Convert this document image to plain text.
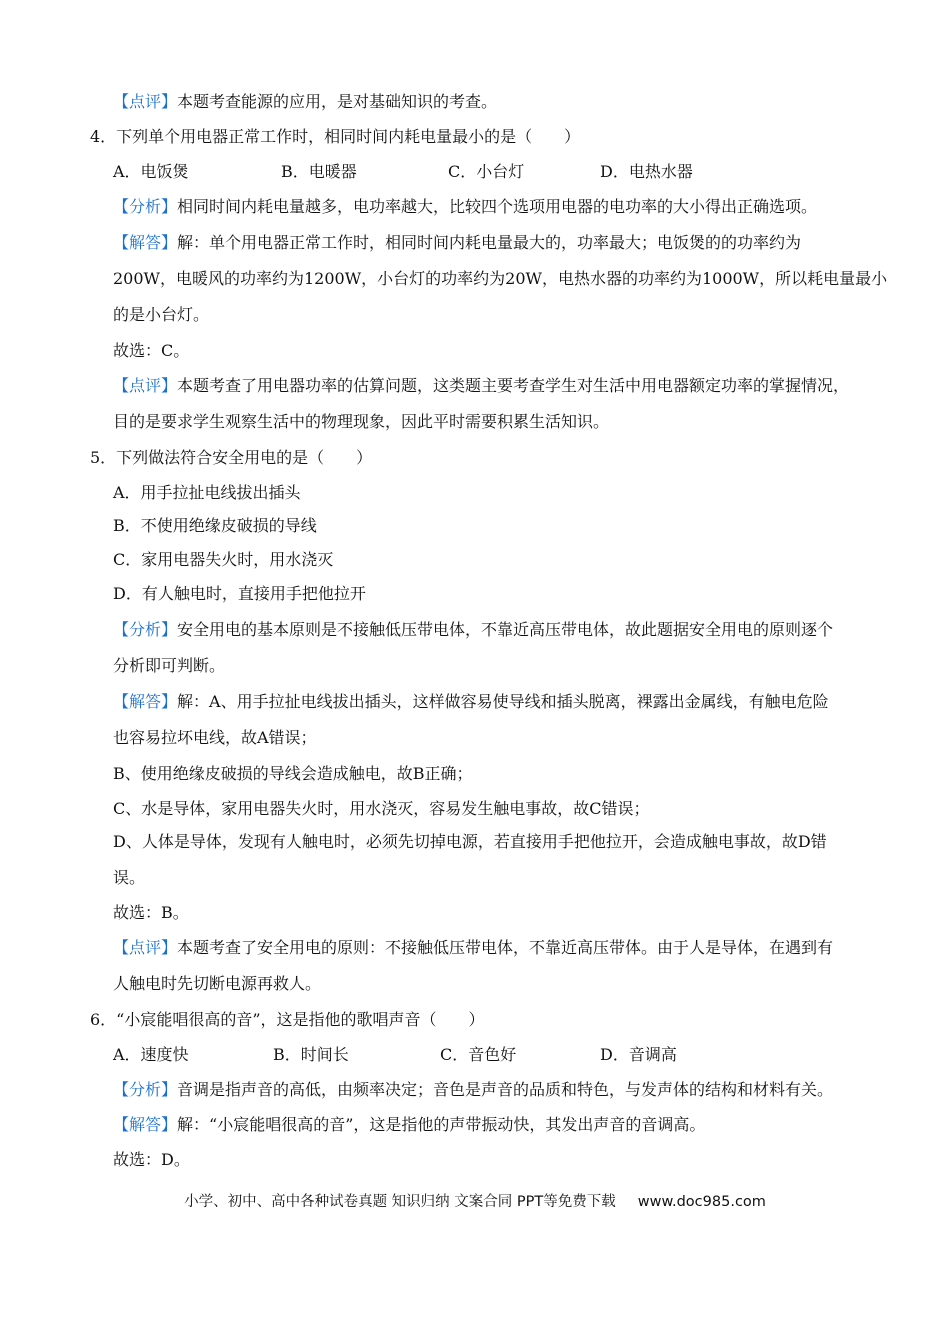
【点评】本题考查能源的应用，是对基础知识的考查。
4．下列单个用电器正常工作时，相同时间内耗电量最小的是（　　）
A．电饭煲	B．电暖器	C．小台灯	D．电热水器
【分析】相同时间内耗电量越多，电功率越大，比较四个选项用电器的电功率的大小得出正确选项。
【解答】解：单个用电器正常工作时，相同时间内耗电量最大的，功率最大；电饭煲的的功率约为
200W，电暖风的功率约为1200W，小台灯的功率约为20W，电热水器的功率约为1000W，所以耗电量最小
的是小台灯。
故选：C。
【点评】本题考查了用电器功率的估算问题，这类题主要考查学生对生活中用电器额定功率的掌握情况，
目的是要求学生观察生活中的物理现象，因此平时需要积累生活知识。
5．下列做法符合安全用电的是（　　）
A．用手拉扯电线拔出插头
B．不使用绝缘皮破损的导线
C．家用电器失火时，用水浇灭
D．有人触电时，直接用手把他拉开
【分析】安全用电的基本原则是不接触低压带电体，不靠近高压带电体，故此题据安全用电的原则逐个
分析即可判断。
【解答】解：A、用手拉扯电线拔出插头，这样做容易使导线和插头脱离，裸露出金属线，有触电危险
也容易拉坏电线，故A错误；
B、使用绝缘皮破损的导线会造成触电，故B正确；
C、水是导体，家用电器失火时，用水浇灭，容易发生触电事故，故C错误；
D、人体是导体，发现有人触电时，必须先切掉电源，若直接用手把他拉开，会造成触电事故，故D错
误。
故选：B。
【点评】本题考查了安全用电的原则：不接触低压带电体，不靠近高压带体。由于人是导体，在遇到有
人触电时先切断电源再救人。
6．“小宸能唱很高的音”，这是指他的歌唱声音（　　）
A．速度快	B．时间长	C．音色好	D．音调高
【分析】音调是指声音的高低，由频率决定；音色是声音的品质和特色，与发声体的结构和材料有关。
【解答】解：“小宸能唱很高的音”，这是指他的声带振动快，其发出声音的音调高。
故选：D。
小学、初中、高中各种试卷真题 知识归纳 文案合同 PPT等免费下载 www.doc985.com
